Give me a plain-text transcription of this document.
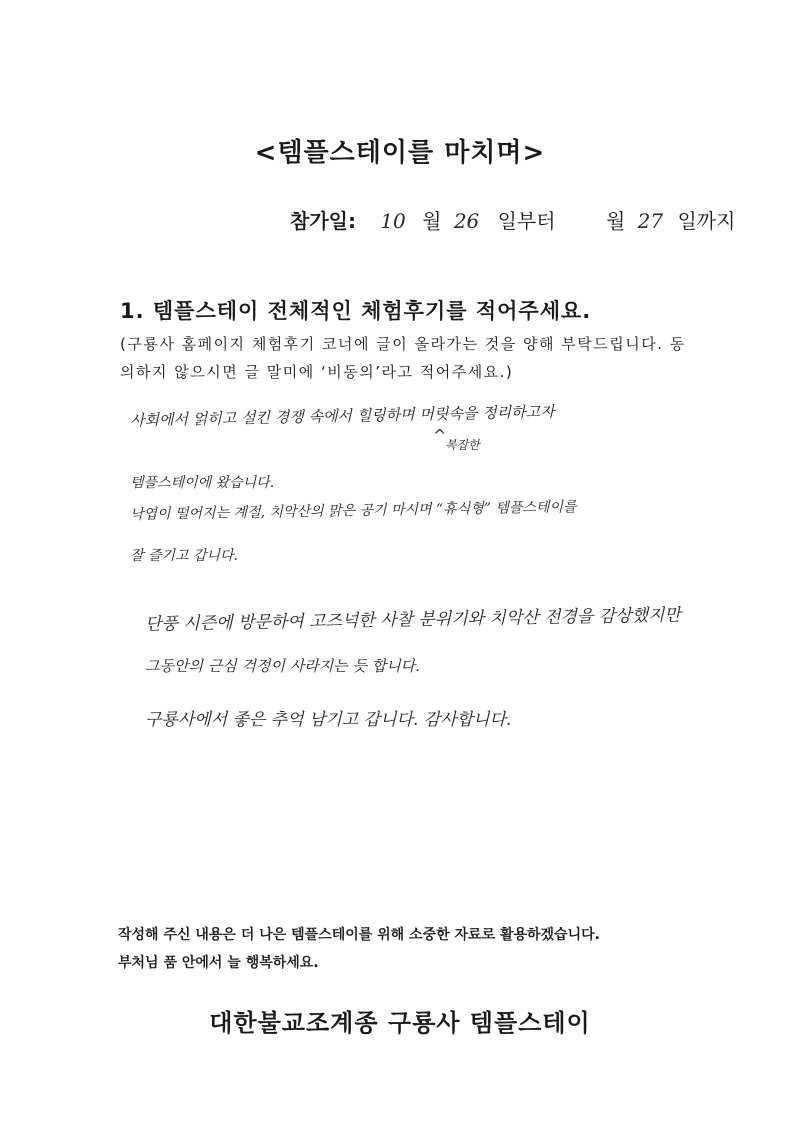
<템플스테이를 마치며>
참가일: 10 월 26 일부터	월 27 일까지
1. 템플스테이 전체적인 체험후기를 적어주세요.
(구룡사 홈페이지 체험후기 코너에 글이 올라가는 것을 양해 부탁드립니다. 동의하지 않으시면 글 말미에 ‘비동의’라고 적어주세요.)
사회에서 얽히고 설킨 경쟁 속에서 힐링하며 머릿속을 정리하고자
^
복잡한
템플스테이에 왔습니다.
낙엽이 떨어지는 계절, 치악산의 맑은 공기 마시며 “휴식형” 템플스테이를
잘 즐기고 갑니다.
단풍 시즌에 방문하여 고즈넉한 사찰 분위기와 치악산 전경을 감상했지만
그동안의 근심 걱정이 사라지는 듯 합니다.
구룡사에서 좋은 추억 남기고 갑니다. 감사합니다.
작성해 주신 내용은 더 나은 템플스테이를 위해 소중한 자료로 활용하겠습니다.
부처님 품 안에서 늘 행복하세요.
대한불교조계종 구룡사 템플스테이
